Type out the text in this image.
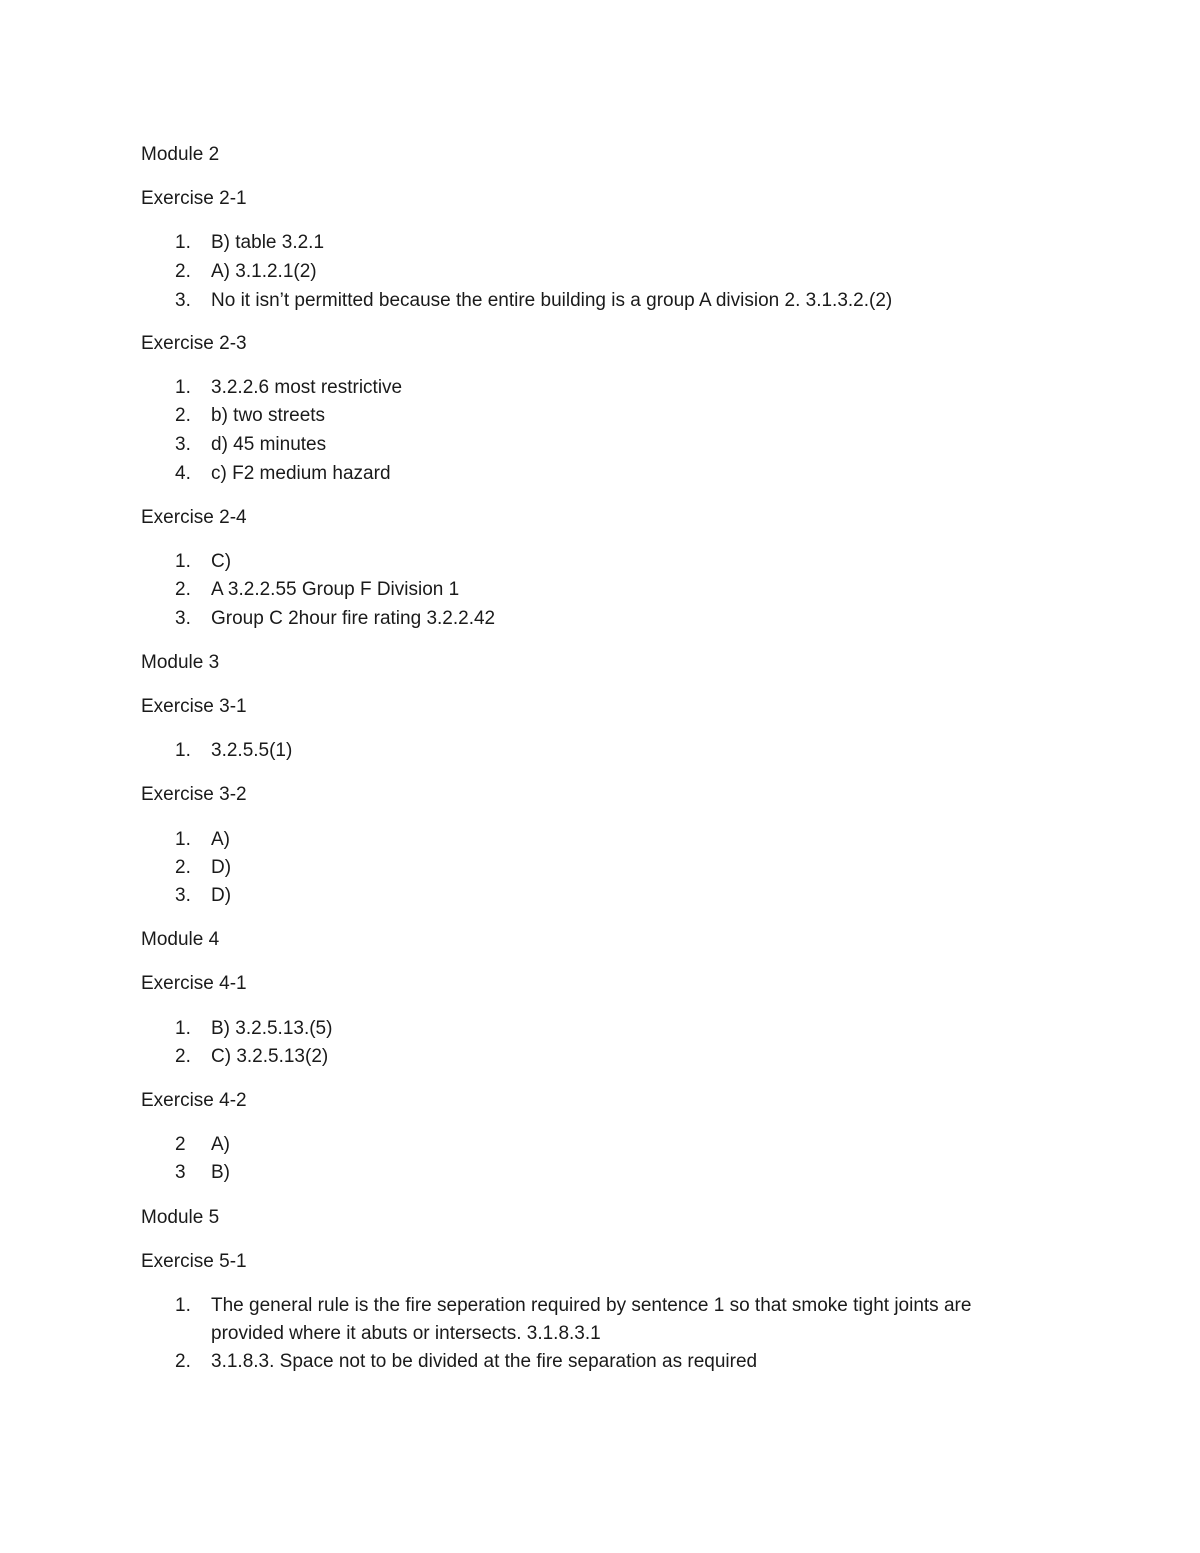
Module 2
Exercise 2-1
1. B) table 3.2.1
2. A) 3.1.2.1(2)
3. No it isn’t permitted because the entire building is a group A division 2. 3.1.3.2.(2)
Exercise 2-3
1. 3.2.2.6 most restrictive
2. b) two streets
3. d) 45 minutes
4. c) F2 medium hazard
Exercise 2-4
1. C)
2. A 3.2.2.55 Group F Division 1
3. Group C 2hour fire rating 3.2.2.42
Module 3
Exercise 3-1
1. 3.2.5.5(1)
Exercise 3-2
1. A)
2. D)
3. D)
Module 4
Exercise 4-1
1. B) 3.2.5.13.(5)
2. C) 3.2.5.13(2)
Exercise 4-2
2 A)
3 B)
Module 5
Exercise 5-1
1. The general rule is the fire seperation required by sentence 1 so that smoke tight joints are
provided where it abuts or intersects. 3.1.8.3.1
2. 3.1.8.3. Space not to be divided at the fire separation as required
